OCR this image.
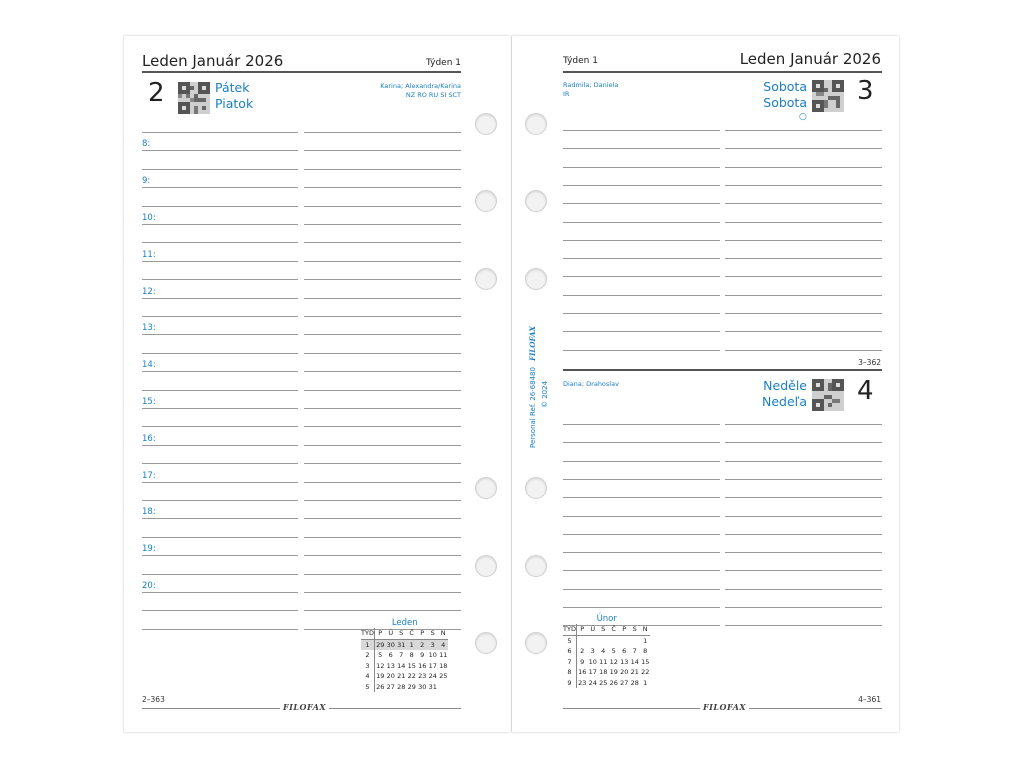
Leden Január 2026	Týden 1
2	Pátek
Piatok
Karina; Alexandra/Karina
NZ RO RU SI SCT
8:
9:
10:
11:
12:
13:
14:
15:
16:
17:
18:
19:
20:
Leden
TÝD	P	Ú	S	Č	P	S	N
1	29	30	31	1	2	3	4
2	5	6	7	8	9	10	11
3	12	13	14	15	16	17	18
4	19	20	21	22	23	24	25
5	26	27	28	29	30	31	
2–363
FILOFAX
Týden 1	Leden Január 2026
Radmila; Daniela
IR	Sobota
Sobota 3
○
3–362
Diana; Drahoslav	Neděle
Nedeľa 4
Únor
TÝD	P	Ú	S	Č	P	S	N
5							1
6	2	3	4	5	6	7	8
7	9	10	11	12	13	14	15
8	16	17	18	19	20	21	22
9	23	24	25	26	27	28	1
4–361
FILOFAX
Personal Ref. 26-68480 FILOFAX
© 2024
